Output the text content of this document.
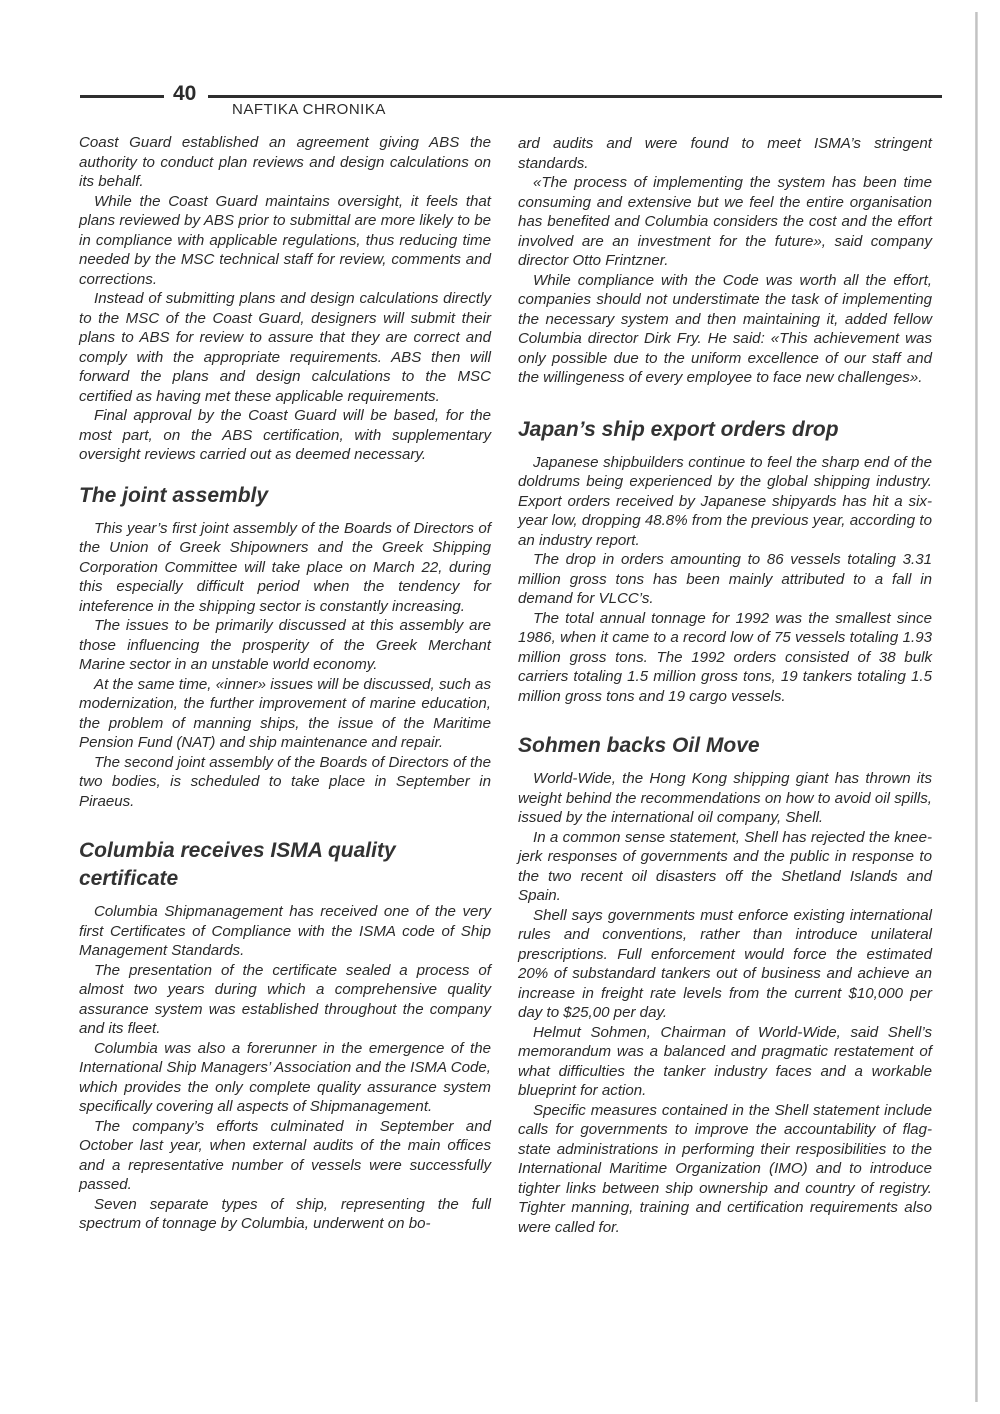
40
NAFTIKA CHRONIKA

Coast Guard established an agreement giving ABS the authority to conduct plan reviews and design calculations on its behalf.

While the Coast Guard maintains oversight, it feels that plans reviewed by ABS prior to submittal are more likely to be in compliance with applicable regulations, thus reducing time needed by the MSC technical staff for review, comments and corrections.

Instead of submitting plans and design calculations directly to the MSC of the Coast Guard, designers will submit their plans to ABS for review to assure that they are correct and comply with the appropriate requirements. ABS then will forward the plans and design calculations to the MSC certified as having met these applicable requirements.

Final approval by the Coast Guard will be based, for the most part, on the ABS certification, with supplementary oversight reviews carried out as deemed necessary.

The joint assembly

This year’s first joint assembly of the Boards of Directors of the Union of Greek Shipowners and the Greek Shipping Corporation Committee will take place on March 22, during this especially difficult period when the tendency for inteference in the shipping sector is constantly increasing.

The issues to be primarily discussed at this assembly are those influencing the prosperity of the Greek Merchant Marine sector in an unstable world economy.

At the same time, «inner» issues will be discussed, such as modernization, the further improvement of marine education, the problem of manning ships, the issue of the Maritime Pension Fund (NAT) and ship maintenance and repair.

The second joint assembly of the Boards of Directors of the two bodies, is scheduled to take place in September in Piraeus.

Columbia receives ISMA quality certificate

Columbia Shipmanagement has received one of the very first Certificates of Compliance with the ISMA code of Ship Management Standards.

The presentation of the certificate sealed a process of almost two years during which a comprehensive quality assurance system was established throughout the company and its fleet.

Columbia was also a forerunner in the emergence of the International Ship Managers’ Association and the ISMA Code, which provides the only complete quality assurance system specifically covering all aspects of Shipmanagement.

The company’s efforts culminated in September and October last year, when external audits of the main offices and a representative number of vessels were successfully passed.

Seven separate types of ship, representing the full spectrum of tonnage by Columbia, underwent on bo-

ard audits and were found to meet ISMA’s stringent standards.

«The process of implementing the system has been time consuming and extensive but we feel the entire organisation has benefited and Columbia considers the cost and the effort involved are an investment for the future», said company director Otto Frintzner.

While compliance with the Code was worth all the effort, companies should not understimate the task of implementing the necessary system and then maintaining it, added fellow Columbia director Dirk Fry. He said: «This achievement was only possible due to the uniform excellence of our staff and the willingeness of every employee to face new challenges».

Japan’s ship export orders drop

Japanese shipbuilders continue to feel the sharp end of the doldrums being experienced by the global shipping industry. Export orders received by Japanese shipyards has hit a six-year low, dropping 48.8% from the previous year, according to an industry report.

The drop in orders amounting to 86 vessels totaling 3.31 million gross tons has been mainly attributed to a fall in demand for VLCC’s.

The total annual tonnage for 1992 was the smallest since 1986, when it came to a record low of 75 vessels totaling 1.93 million gross tons. The 1992 orders consisted of 38 bulk carriers totaling 1.5 million gross tons, 19 tankers totaling 1.5 million gross tons and 19 cargo vessels.

Sohmen backs Oil Move

World-Wide, the Hong Kong shipping giant has thrown its weight behind the recommendations on how to avoid oil spills, issued by the international oil company, Shell.

In a common sense statement, Shell has rejected the knee-jerk responses of governments and the public in response to the two recent oil disasters off the Shetland Islands and Spain.

Shell says governments must enforce existing international rules and conventions, rather than introduce unilateral prescriptions. Full enforcement would force the estimated 20% of substandard tankers out of business and achieve an increase in freight rate levels from the current $10,000 per day to $25,00 per day.

Helmut Sohmen, Chairman of World-Wide, said Shell’s memorandum was a balanced and pragmatic restatement of what difficulties the tanker industry faces and a workable blueprint for action.

Specific measures contained in the Shell statement include calls for governments to improve the accountability of flag-state administrations in performing their resposibilities to the International Maritime Organization (IMO) and to introduce tighter links between ship ownership and country of registry. Tighter manning, training and certification requirements also were called for.
